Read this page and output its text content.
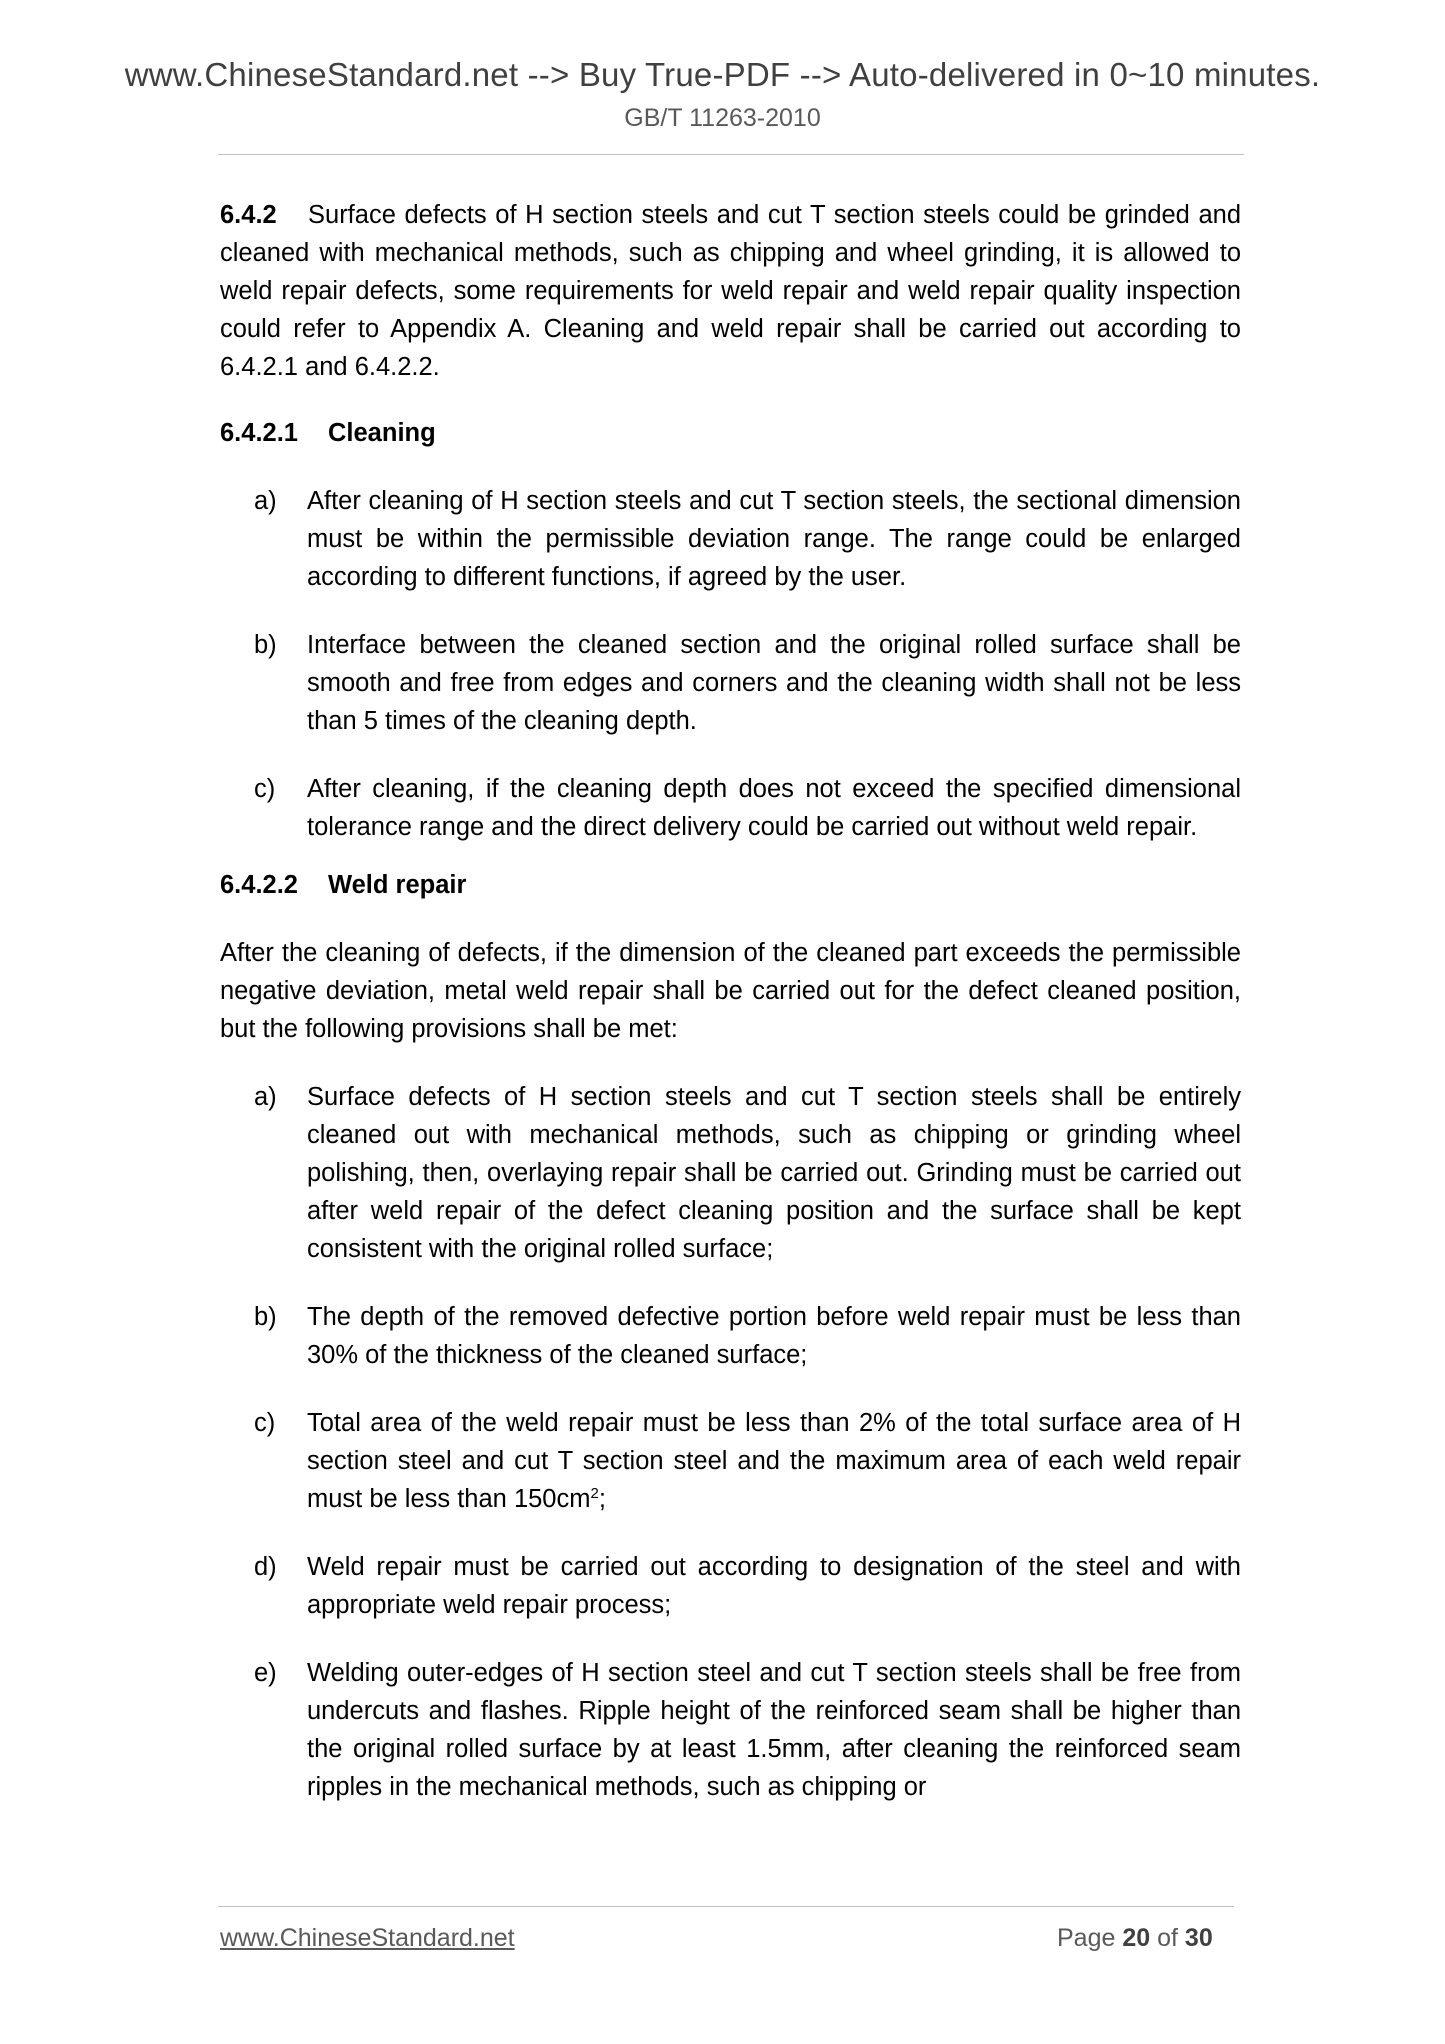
www.ChineseStandard.net --> Buy True-PDF --> Auto-delivered in 0~10 minutes.
GB/T 11263-2010

6.4.2 Surface defects of H section steels and cut T section steels could be grinded and cleaned with mechanical methods, such as chipping and wheel grinding, it is allowed to weld repair defects, some requirements for weld repair and weld repair quality inspection could refer to Appendix A. Cleaning and weld repair shall be carried out according to 6.4.2.1 and 6.4.2.2.

6.4.2.1 Cleaning

a) After cleaning of H section steels and cut T section steels, the sectional dimension must be within the permissible deviation range. The range could be enlarged according to different functions, if agreed by the user.
b) Interface between the cleaned section and the original rolled surface shall be smooth and free from edges and corners and the cleaning width shall not be less than 5 times of the cleaning depth.
c) After cleaning, if the cleaning depth does not exceed the specified dimensional tolerance range and the direct delivery could be carried out without weld repair.

6.4.2.2 Weld repair

After the cleaning of defects, if the dimension of the cleaned part exceeds the permissible negative deviation, metal weld repair shall be carried out for the defect cleaned position, but the following provisions shall be met:

a) Surface defects of H section steels and cut T section steels shall be entirely cleaned out with mechanical methods, such as chipping or grinding wheel polishing, then, overlaying repair shall be carried out. Grinding must be carried out after weld repair of the defect cleaning position and the surface shall be kept consistent with the original rolled surface;
b) The depth of the removed defective portion before weld repair must be less than 30% of the thickness of the cleaned surface;
c) Total area of the weld repair must be less than 2% of the total surface area of H section steel and cut T section steel and the maximum area of each weld repair must be less than $150cm^2$;
d) Weld repair must be carried out according to designation of the steel and with appropriate weld repair process;
e) Welding outer-edges of H section steel and cut T section steels shall be free from undercuts and flashes. Ripple height of the reinforced seam shall be higher than the original rolled surface by at least 1.5mm, after cleaning the reinforced seam ripples in the mechanical methods, such as chipping or
www.ChineseStandard.net	Page 20 of 30
